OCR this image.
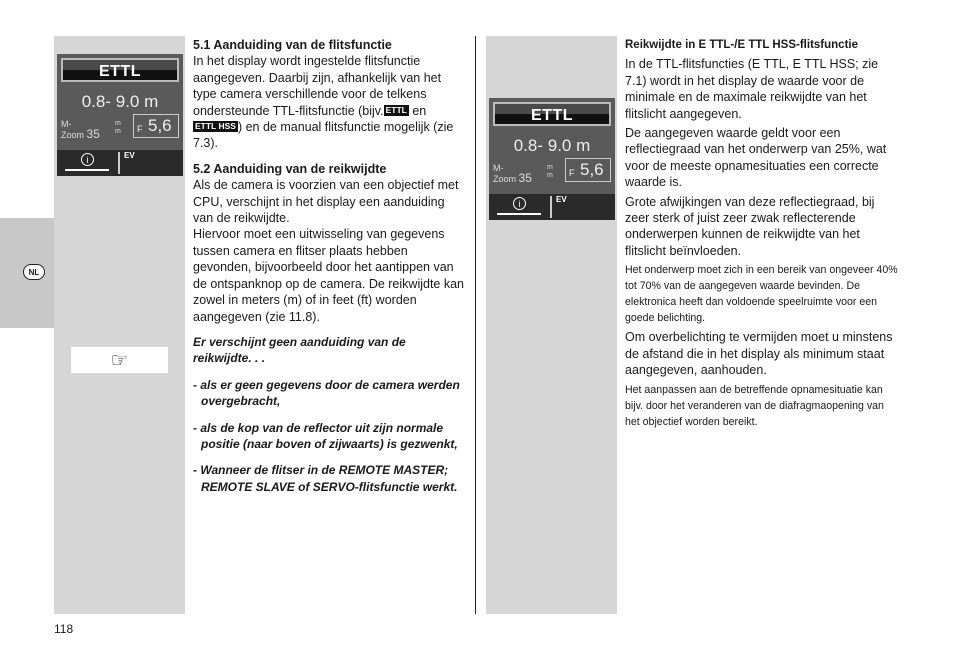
NL
ETTL
0.8- 9.0 m
M-
Zoom 35
m
m F 5,6
i	EV
☞
ETTL
0.8- 9.0 m
M-
Zoom 35
m
m F 5,6
i	EV

5.1 Aanduiding van de flitsfunctie

In het display wordt ingestelde flitsfunctie aangegeven. Daarbij zijn, afhankelijk van het type camera verschillende voor de telkens ondersteunde TTL-flitsfunctie (bijv. ETTL en
ETTL HSS ) en de manual flitsfunctie mogelijk (zie 7.3).

5.2 Aanduiding van de reikwijdte

Als de camera is voorzien van een objectief met CPU, verschijnt in het display een aanduiding van de reikwijdte.

Hiervoor moet een uitwisseling van gegevens tussen camera en flitser plaats hebben gevonden, bijvoorbeeld door het aantippen van de ontspanknop op de camera. De reikwijdte kan zowel in meters (m) of in feet (ft) worden aangegeven (zie 11.8).

Er verschijnt geen aanduiding van de reikwijdte. . .

- als er geen gegevens door de camera werden overgebracht,

- als de kop van de reflector uit zijn normale positie (naar boven of zijwaarts) is gezwenkt,

- Wanneer de flitser in de REMOTE MASTER; REMOTE SLAVE of SERVO-flitsfunctie werkt.

Reikwijdte in E TTL-/E TTL HSS-flitsfunctie

In de TTL-flitsfuncties (E TTL, E TTL HSS; zie 7.1) wordt in het display de waarde voor de minimale en de maximale reikwijdte van het flitslicht aangegeven.

De aangegeven waarde geldt voor een reflectiegraad van het onderwerp van 25%, wat voor de meeste opnamesituaties een correcte waarde is.

Grote afwijkingen van deze reflectiegraad, bij zeer sterk of juist zeer zwak reflecterende onderwerpen kunnen de reikwijdte van het flitslicht beïnvloeden.

Het onderwerp moet zich in een bereik van ongeveer 40% tot 70% van de aangegeven waarde bevinden. De elektronica heeft dan voldoende speelruimte voor een goede belichting.

Om overbelichting te vermijden moet u minstens de afstand die in het display als minimum staat aangegeven, aanhouden.

Het aanpassen aan de betreffende opnamesituatie kan bijv. door het veranderen van de diafragmaopening van het objectief worden bereikt.

118
